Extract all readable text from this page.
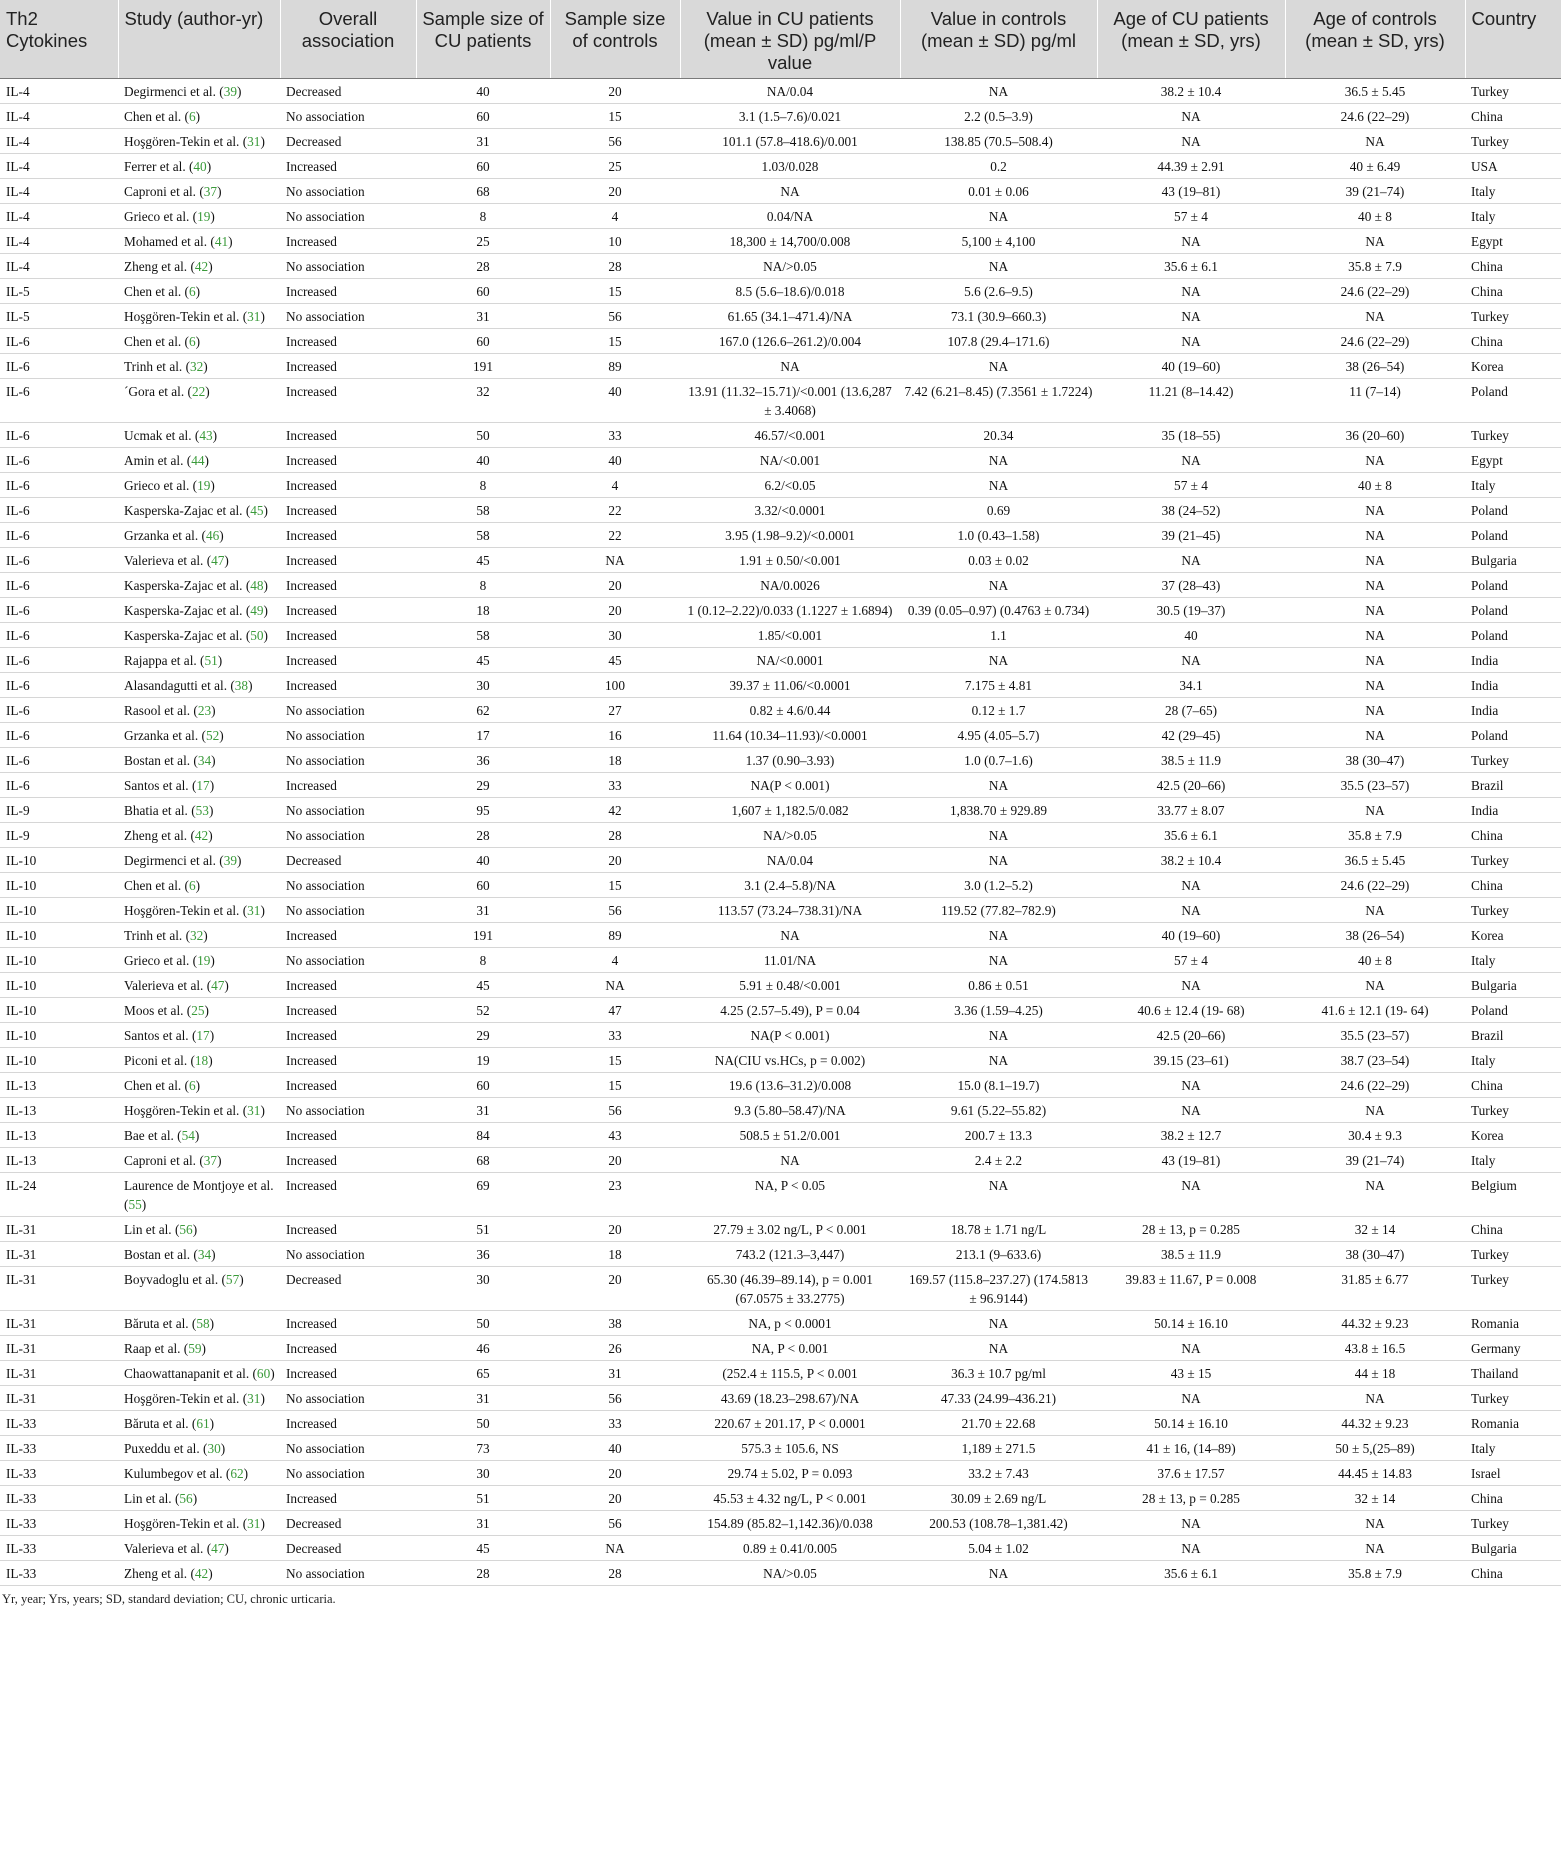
Th2 Cytokines	Study (author-yr)	Overall association	Sample size of CU patients	Sample size of controls	Value in CU patients (mean ± SD) pg/ml/P value	Value in controls (mean ± SD) pg/ml	Age of CU patients (mean ± SD, yrs)	Age of controls (mean ± SD, yrs)	Country
IL-4	Degirmenci et al. (39)	Decreased	40	20	NA/0.04	NA	38.2 ± 10.4	36.5 ± 5.45	Turkey
IL-4	Chen et al. (6)	No association	60	15	3.1 (1.5–7.6)/0.021	2.2 (0.5–3.9)	NA	24.6 (22–29)	China
IL-4	Hoşgören-Tekin et al. (31)	Decreased	31	56	101.1 (57.8–418.6)/0.001	138.85 (70.5–508.4)	NA	NA	Turkey
IL-4	Ferrer et al. (40)	Increased	60	25	1.03/0.028	0.2	44.39 ± 2.91	40 ± 6.49	USA
IL-4	Caproni et al. (37)	No association	68	20	NA	0.01 ± 0.06	43 (19–81)	39 (21–74)	Italy
IL-4	Grieco et al. (19)	No association	8	4	0.04/NA	NA	57 ± 4	40 ± 8	Italy
IL-4	Mohamed et al. (41)	Increased	25	10	18,300 ± 14,700/0.008	5,100 ± 4,100	NA	NA	Egypt
IL-4	Zheng et al. (42)	No association	28	28	NA/>0.05	NA	35.6 ± 6.1	35.8 ± 7.9	China
IL-5	Chen et al. (6)	Increased	60	15	8.5 (5.6–18.6)/0.018	5.6 (2.6–9.5)	NA	24.6 (22–29)	China
IL-5	Hoşgören-Tekin et al. (31)	No association	31	56	61.65 (34.1–471.4)/NA	73.1 (30.9–660.3)	NA	NA	Turkey
IL-6	Chen et al. (6)	Increased	60	15	167.0 (126.6–261.2)/0.004	107.8 (29.4–171.6)	NA	24.6 (22–29)	China
IL-6	Trinh et al. (32)	Increased	191	89	NA	NA	40 (19–60)	38 (26–54)	Korea
IL-6	´Gora et al. (22)	Increased	32	40	13.91 (11.32–15.71)/<0.001 (13.6,287 ± 3.4068)	7.42 (6.21–8.45) (7.3561 ± 1.7224)	11.21 (8–14.42)	11 (7–14)	Poland
IL-6	Ucmak et al. (43)	Increased	50	33	46.57/<0.001	20.34	35 (18–55)	36 (20–60)	Turkey
IL-6	Amin et al. (44)	Increased	40	40	NA/<0.001	NA	NA	NA	Egypt
IL-6	Grieco et al. (19)	Increased	8	4	6.2/<0.05	NA	57 ± 4	40 ± 8	Italy
IL-6	Kasperska-Zajac et al. (45)	Increased	58	22	3.32/<0.0001	0.69	38 (24–52)	NA	Poland
IL-6	Grzanka et al. (46)	Increased	58	22	3.95 (1.98–9.2)/<0.0001	1.0 (0.43–1.58)	39 (21–45)	NA	Poland
IL-6	Valerieva et al. (47)	Increased	45	NA	1.91 ± 0.50/<0.001	0.03 ± 0.02	NA	NA	Bulgaria
IL-6	Kasperska-Zajac et al. (48)	Increased	8	20	NA/0.0026	NA	37 (28–43)	NA	Poland
IL-6	Kasperska-Zajac et al. (49)	Increased	18	20	1 (0.12–2.22)/0.033 (1.1227 ± 1.6894)	0.39 (0.05–0.97) (0.4763 ± 0.734)	30.5 (19–37)	NA	Poland
IL-6	Kasperska-Zajac et al. (50)	Increased	58	30	1.85/<0.001	1.1	40	NA	Poland
IL-6	Rajappa et al. (51)	Increased	45	45	NA/<0.0001	NA	NA	NA	India
IL-6	Alasandagutti et al. (38)	Increased	30	100	39.37 ± 11.06/<0.0001	7.175 ± 4.81	34.1	NA	India
IL-6	Rasool et al. (23)	No association	62	27	0.82 ± 4.6/0.44	0.12 ± 1.7	28 (7–65)	NA	India
IL-6	Grzanka et al. (52)	No association	17	16	11.64 (10.34–11.93)/<0.0001	4.95 (4.05–5.7)	42 (29–45)	NA	Poland
IL-6	Bostan et al. (34)	No association	36	18	1.37 (0.90–3.93)	1.0 (0.7–1.6)	38.5 ± 11.9	38 (30–47)	Turkey
IL-6	Santos et al. (17)	Increased	29	33	NA(P < 0.001)	NA	42.5 (20–66)	35.5 (23–57)	Brazil
IL-9	Bhatia et al. (53)	No association	95	42	1,607 ± 1,182.5/0.082	1,838.70 ± 929.89	33.77 ± 8.07	NA	India
IL-9	Zheng et al. (42)	No association	28	28	NA/>0.05	NA	35.6 ± 6.1	35.8 ± 7.9	China
IL-10	Degirmenci et al. (39)	Decreased	40	20	NA/0.04	NA	38.2 ± 10.4	36.5 ± 5.45	Turkey
IL-10	Chen et al. (6)	No association	60	15	3.1 (2.4–5.8)/NA	3.0 (1.2–5.2)	NA	24.6 (22–29)	China
IL-10	Hoşgören-Tekin et al. (31)	No association	31	56	113.57 (73.24–738.31)/NA	119.52 (77.82–782.9)	NA	NA	Turkey
IL-10	Trinh et al. (32)	Increased	191	89	NA	NA	40 (19–60)	38 (26–54)	Korea
IL-10	Grieco et al. (19)	No association	8	4	11.01/NA	NA	57 ± 4	40 ± 8	Italy
IL-10	Valerieva et al. (47)	Increased	45	NA	5.91 ± 0.48/<0.001	0.86 ± 0.51	NA	NA	Bulgaria
IL-10	Moos et al. (25)	Increased	52	47	4.25 (2.57–5.49), P = 0.04	3.36 (1.59–4.25)	40.6 ± 12.4 (19- 68)	41.6 ± 12.1 (19- 64)	Poland
IL-10	Santos et al. (17)	Increased	29	33	NA(P < 0.001)	NA	42.5 (20–66)	35.5 (23–57)	Brazil
IL-10	Piconi et al. (18)	Increased	19	15	NA(CIU vs.HCs, p = 0.002)	NA	39.15 (23–61)	38.7 (23–54)	Italy
IL-13	Chen et al. (6)	Increased	60	15	19.6 (13.6–31.2)/0.008	15.0 (8.1–19.7)	NA	24.6 (22–29)	China
IL-13	Hoşgören-Tekin et al. (31)	No association	31	56	9.3 (5.80–58.47)/NA	9.61 (5.22–55.82)	NA	NA	Turkey
IL-13	Bae et al. (54)	Increased	84	43	508.5 ± 51.2/0.001	200.7 ± 13.3	38.2 ± 12.7	30.4 ± 9.3	Korea
IL-13	Caproni et al. (37)	Increased	68	20	NA	2.4 ± 2.2	43 (19–81)	39 (21–74)	Italy
IL-24	Laurence de Montjoye et al. (55)	Increased	69	23	NA, P < 0.05	NA	NA	NA	Belgium
IL-31	Lin et al. (56)	Increased	51	20	27.79 ± 3.02 ng/L, P < 0.001	18.78 ± 1.71 ng/L	28 ± 13, p = 0.285	32 ± 14	China
IL-31	Bostan et al. (34)	No association	36	18	743.2 (121.3–3,447)	213.1 (9–633.6)	38.5 ± 11.9	38 (30–47)	Turkey
IL-31	Boyvadoglu et al. (57)	Decreased	30	20	65.30 (46.39–89.14), p = 0.001 (67.0575 ± 33.2775)	169.57 (115.8–237.27) (174.5813 ± 96.9144)	39.83 ± 11.67, P = 0.008	31.85 ± 6.77	Turkey
IL-31	Băruta et al. (58)	Increased	50	38	NA, p < 0.0001	NA	50.14 ± 16.10	44.32 ± 9.23	Romania
IL-31	Raap et al. (59)	Increased	46	26	NA, P < 0.001	NA	NA	43.8 ± 16.5	Germany
IL-31	Chaowattanapanit et al. (60)	Increased	65	31	(252.4 ± 115.5, P < 0.001	36.3 ± 10.7 pg/ml	43 ± 15	44 ± 18	Thailand
IL-31	Hoşgören-Tekin et al. (31)	No association	31	56	43.69 (18.23–298.67)/NA	47.33 (24.99–436.21)	NA	NA	Turkey
IL-33	Băruta et al. (61)	Increased	50	33	220.67 ± 201.17, P < 0.0001	21.70 ± 22.68	50.14 ± 16.10	44.32 ± 9.23	Romania
IL-33	Puxeddu et al. (30)	No association	73	40	575.3 ± 105.6, NS	1,189 ± 271.5	41 ± 16, (14–89)	50 ± 5,(25–89)	Italy
IL-33	Kulumbegov et al. (62)	No association	30	20	29.74 ± 5.02, P = 0.093	33.2 ± 7.43	37.6 ± 17.57	44.45 ± 14.83	Israel
IL-33	Lin et al. (56)	Increased	51	20	45.53 ± 4.32 ng/L, P < 0.001	30.09 ± 2.69 ng/L	28 ± 13, p = 0.285	32 ± 14	China
IL-33	Hoşgören-Tekin et al. (31)	Decreased	31	56	154.89 (85.82–1,142.36)/0.038	200.53 (108.78–1,381.42)	NA	NA	Turkey
IL-33	Valerieva et al. (47)	Decreased	45	NA	0.89 ± 0.41/0.005	5.04 ± 1.02	NA	NA	Bulgaria
IL-33	Zheng et al. (42)	No association	28	28	NA/>0.05	NA	35.6 ± 6.1	35.8 ± 7.9	China
Yr, year; Yrs, years; SD, standard deviation; CU, chronic urticaria.
